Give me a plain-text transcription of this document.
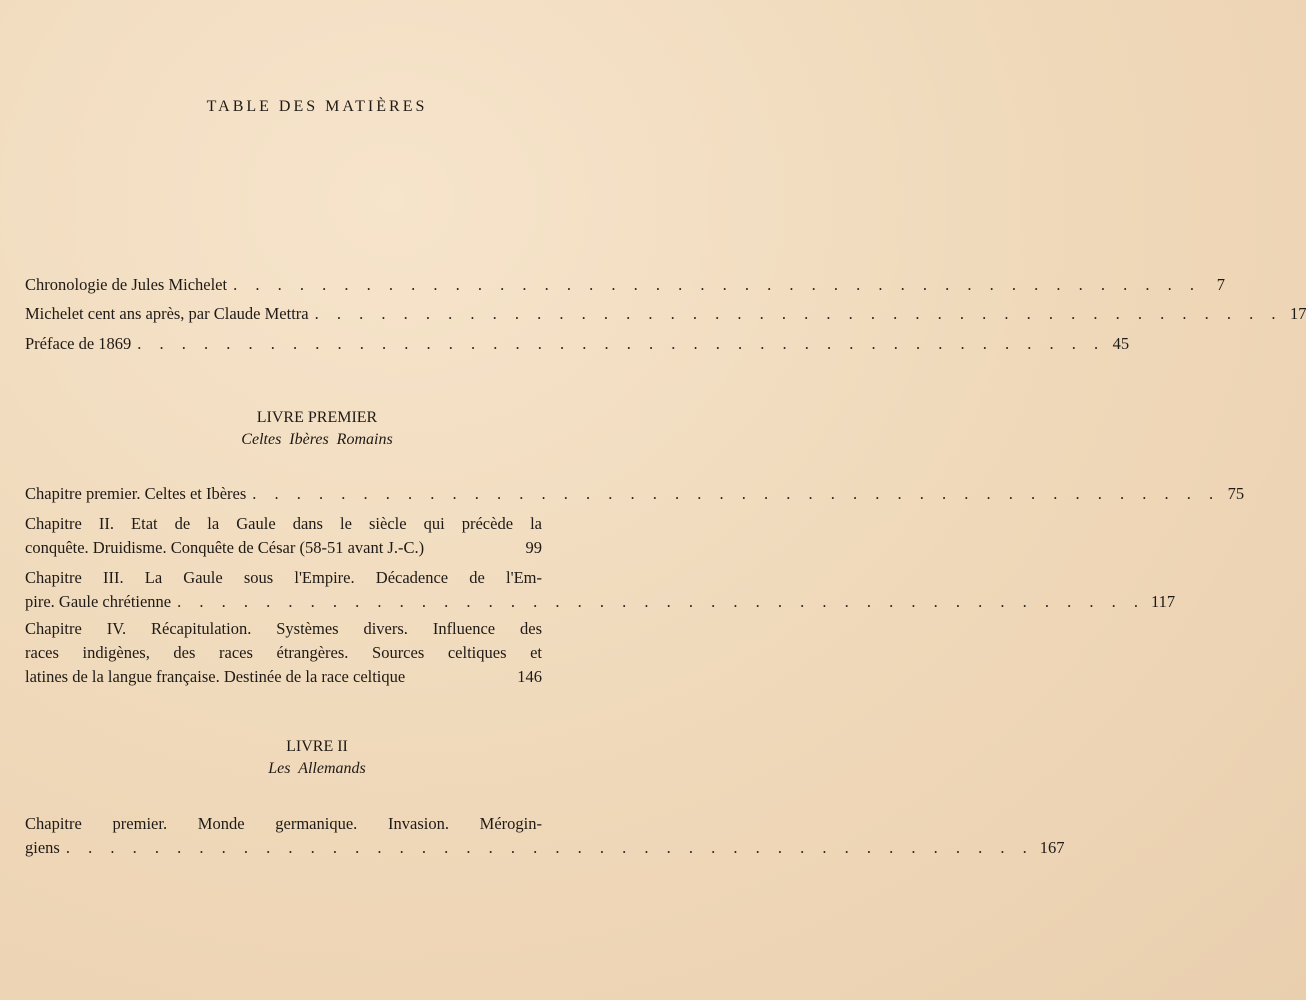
TABLE DES MATIÈRES
Chronologie de Jules Michelet . . . . . . . . . . . . . . . . . . . . . . . . . . . . . . . . . . . . . . . . . . . . 7
Michelet cent ans après, par Claude Mettra . . . . . . . . . . . . . . . . . . . . . . . . . . . . . . . . . . . . . . . . . . . . 17
Préface de 1869 . . . . . . . . . . . . . . . . . . . . . . . . . . . . . . . . . . . . . . . . . . . . 45
Chapitre premier. Celtes et Ibères . . . . . . . . . . . . . . . . . . . . . . . . . . . . . . . . . . . . . . . . . . . . 75
Chapitre II. Etat de la Gaule dans le siècle qui précède la
conquête. Druidisme. Conquête de César (58-51 avant J.-C.)	99
Chapitre III. La Gaule sous l'Empire. Décadence de l'Em-
pire. Gaule chrétienne . . . . . . . . . . . . . . . . . . . . . . . . . . . . . . . . . . . . . . . . . . . . 117
Chapitre IV. Récapitulation. Systèmes divers. Influence des
races indigènes, des races étrangères. Sources celtiques et
latines de la langue française. Destinée de la race celtique	146
Chapitre premier. Monde germanique. Invasion. Mérogin-
giens . . . . . . . . . . . . . . . . . . . . . . . . . . . . . . . . . . . . . . . . . . . . 167
LIVRE PREMIER
Celtes Ibères Romains
LIVRE II
Les Allemands
